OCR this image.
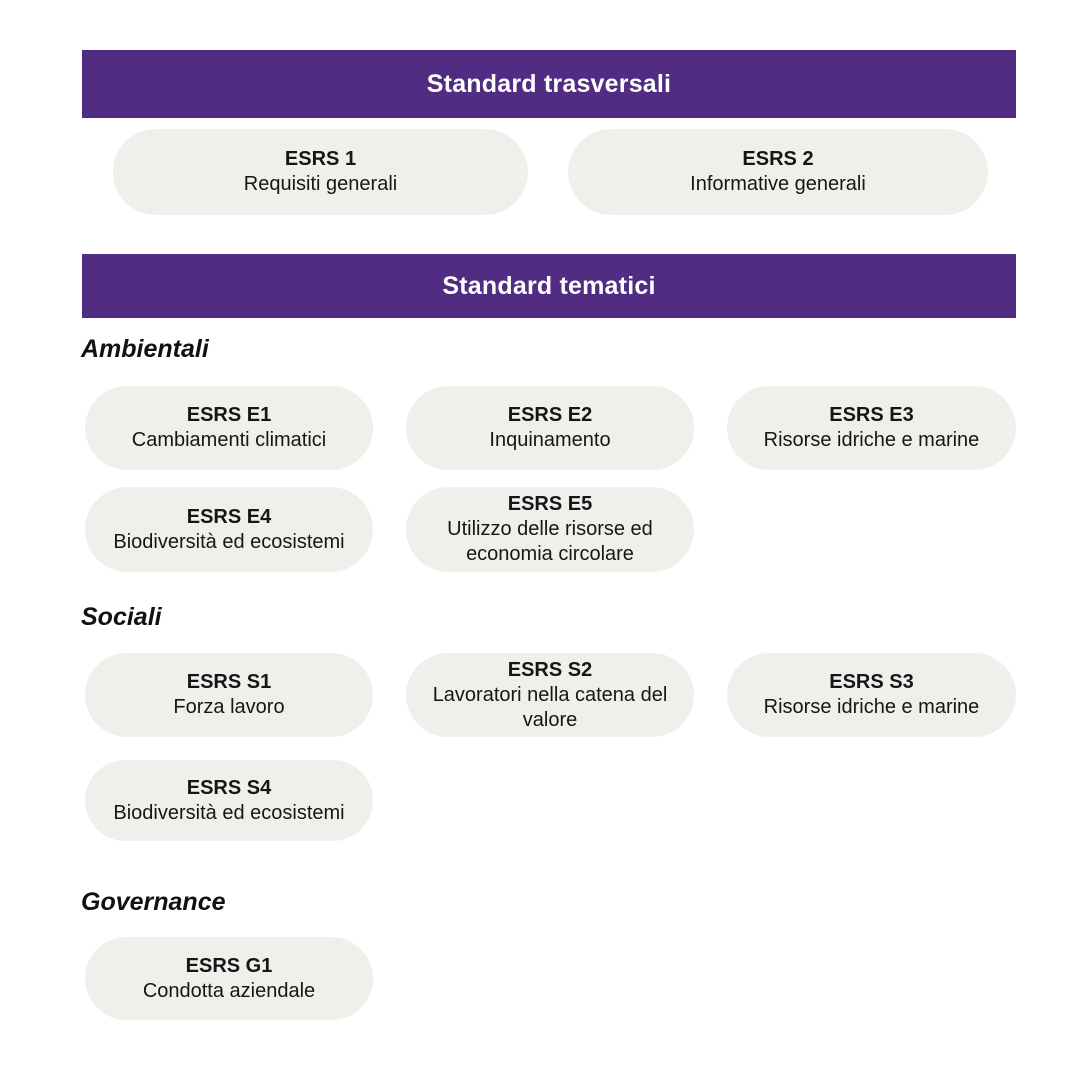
Standard trasversali
ESRS 1
Requisiti generali
ESRS 2
Informative generali
Standard tematici
Ambientali
ESRS E1
Cambiamenti climatici
ESRS E2
Inquinamento
ESRS E3
Risorse idriche e marine
ESRS E4
Biodiversità ed ecosistemi
ESRS E5
Utilizzo delle risorse ed economia circolare
Sociali
ESRS S1
Forza lavoro
ESRS S2
Lavoratori nella catena del valore
ESRS S3
Risorse idriche e marine
ESRS S4
Biodiversità ed ecosistemi
Governance
ESRS G1
Condotta aziendale
